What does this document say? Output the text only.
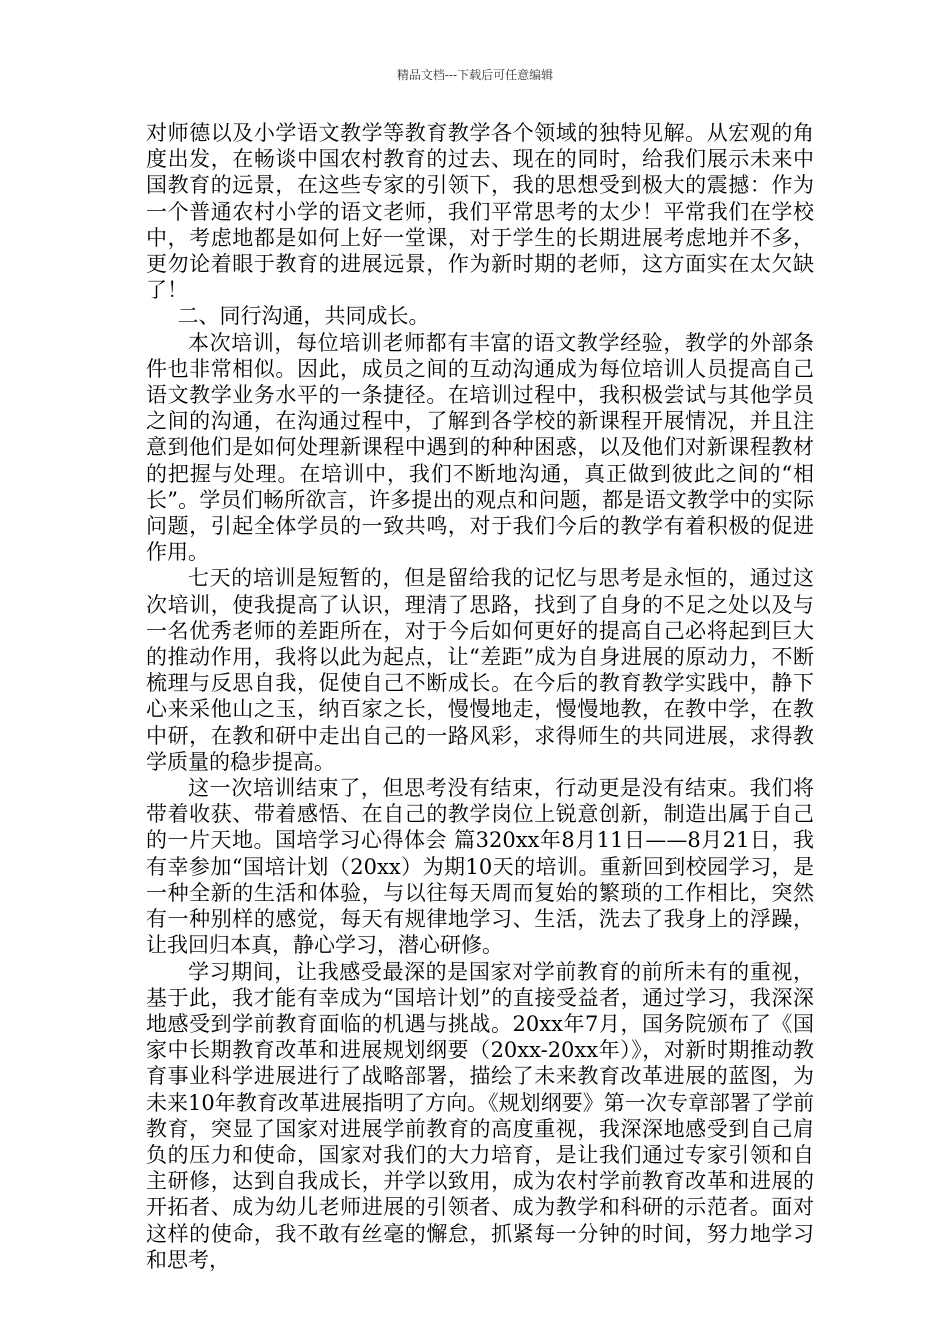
精品文档---下载后可任意编辑

对师德以及小学语文教学等教育教学各个领域的独特见解。从宏观的角度出发，在畅谈中国农村教育的过去、现在的同时，给我们展示未来中国教育的远景，在这些专家的引领下，我的思想受到极大的震撼：作为一个普通农村小学的语文老师，我们平常思考的太少！平常我们在学校中，考虑地都是如何上好一堂课，对于学生的长期进展考虑地并不多，更勿论着眼于教育的进展远景，作为新时期的老师，这方面实在太欠缺了！

二、同行沟通，共同成长。

本次培训，每位培训老师都有丰富的语文教学经验，教学的外部条件也非常相似。因此，成员之间的互动沟通成为每位培训人员提高自己语文教学业务水平的一条捷径。在培训过程中，我积极尝试与其他学员之间的沟通，在沟通过程中，了解到各学校的新课程开展情况，并且注意到他们是如何处理新课程中遇到的种种困惑，以及他们对新课程教材的把握与处理。在培训中，我们不断地沟通，真正做到彼此之间的“相长”。学员们畅所欲言，许多提出的观点和问题，都是语文教学中的实际问题，引起全体学员的一致共鸣，对于我们今后的教学有着积极的促进作用。

七天的培训是短暂的，但是留给我的记忆与思考是永恒的，通过这次培训，使我提高了认识，理清了思路，找到了自身的不足之处以及与一名优秀老师的差距所在，对于今后如何更好的提高自己必将起到巨大的推动作用，我将以此为起点，让“差距”成为自身进展的原动力，不断梳理与反思自我，促使自己不断成长。在今后的教育教学实践中，静下心来采他山之玉，纳百家之长，慢慢地走，慢慢地教，在教中学，在教中研，在教和研中走出自己的一路风彩，求得师生的共同进展，求得教学质量的稳步提高。

这一次培训结束了，但思考没有结束，行动更是没有结束。我们将带着收获、带着感悟、在自己的教学岗位上锐意创新，制造出属于自己的一片天地。国培学习心得体会 篇320xx年8月11日——8月21日，我有幸参加“国培计划（20xx）为期10天的培训。重新回到校园学习，是一种全新的生活和体验，与以往每天周而复始的繁琐的工作相比，突然有一种别样的感觉，每天有规律地学习、生活，洗去了我身上的浮躁，让我回归本真，静心学习，潜心研修。

学习期间，让我感受最深的是国家对学前教育的前所未有的重视，基于此，我才能有幸成为“国培计划”的直接受益者，通过学习，我深深地感受到学前教育面临的机遇与挑战。20xx年7月，国务院颁布了《国家中长期教育改革和进展规划纲要（20xx-20xx年）》，对新时期推动教育事业科学进展进行了战略部署，描绘了未来教育改革进展的蓝图，为未来10年教育改革进展指明了方向。《规划纲要》第一次专章部署了学前教育，突显了国家对进展学前教育的高度重视，我深深地感受到自己肩负的压力和使命，国家对我们的大力培育，是让我们通过专家引领和自主研修，达到自我成长，并学以致用，成为农村学前教育改革和进展的开拓者、成为幼儿老师进展的引领者、成为教学和科研的示范者。面对这样的使命，我不敢有丝毫的懈怠，抓紧每一分钟的时间，努力地学习和思考，
